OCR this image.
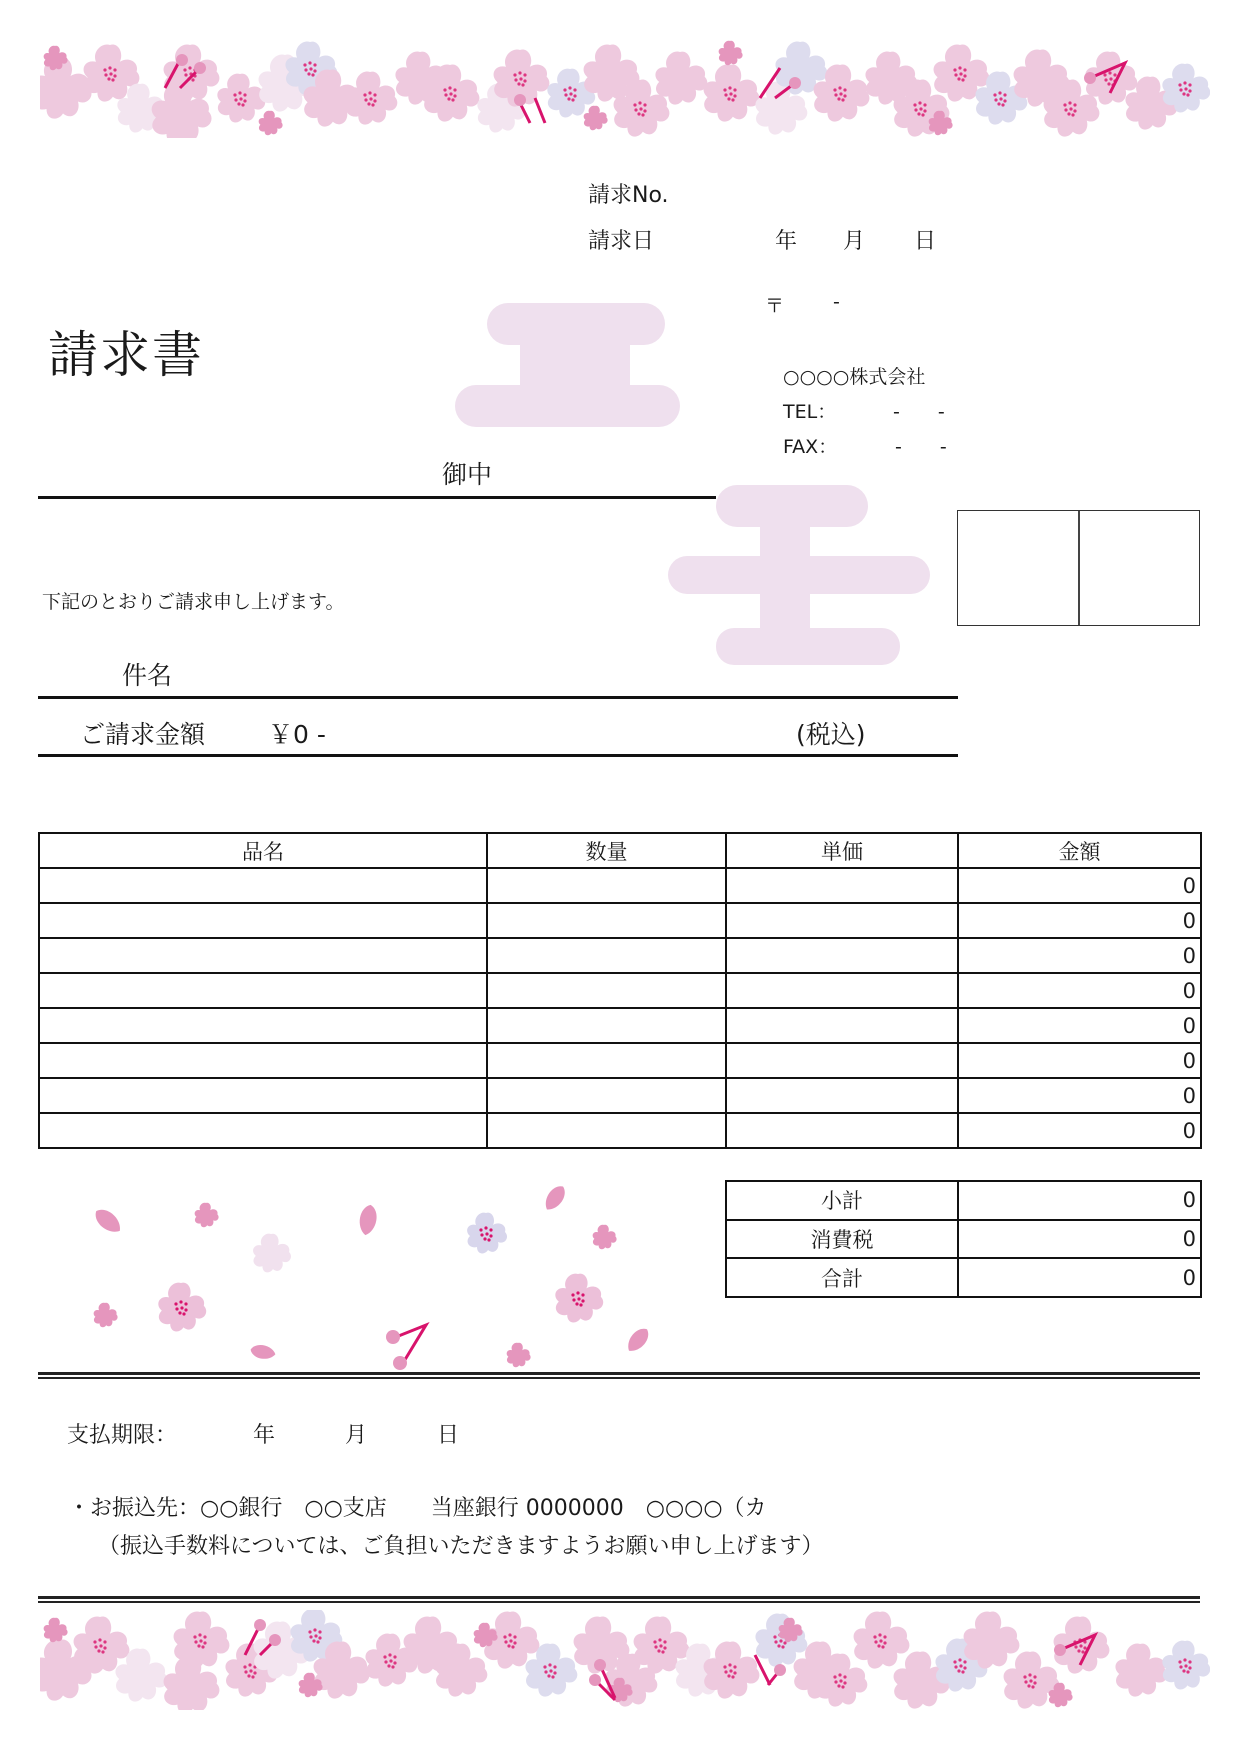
請求No.
請求日	年 月 日
〒	-
○○○○株式会社
TEL：	-　　-
FAX：	-　　-
請求書
御中
下記のとおりご請求申し上げます。
件名
ご請求金額	￥0 -	(税込)
品名	数量	単価	金額
			0
			0
			0
			0
			0
			0
			0
			0
小計	0
消費税	0
合計	0
支払期限：	年	月	日
・お振込先：○○銀行　○○支店　　当座銀行 0000000　○○○○（カ
（振込手数料については、ご負担いただきますようお願い申し上げます）
